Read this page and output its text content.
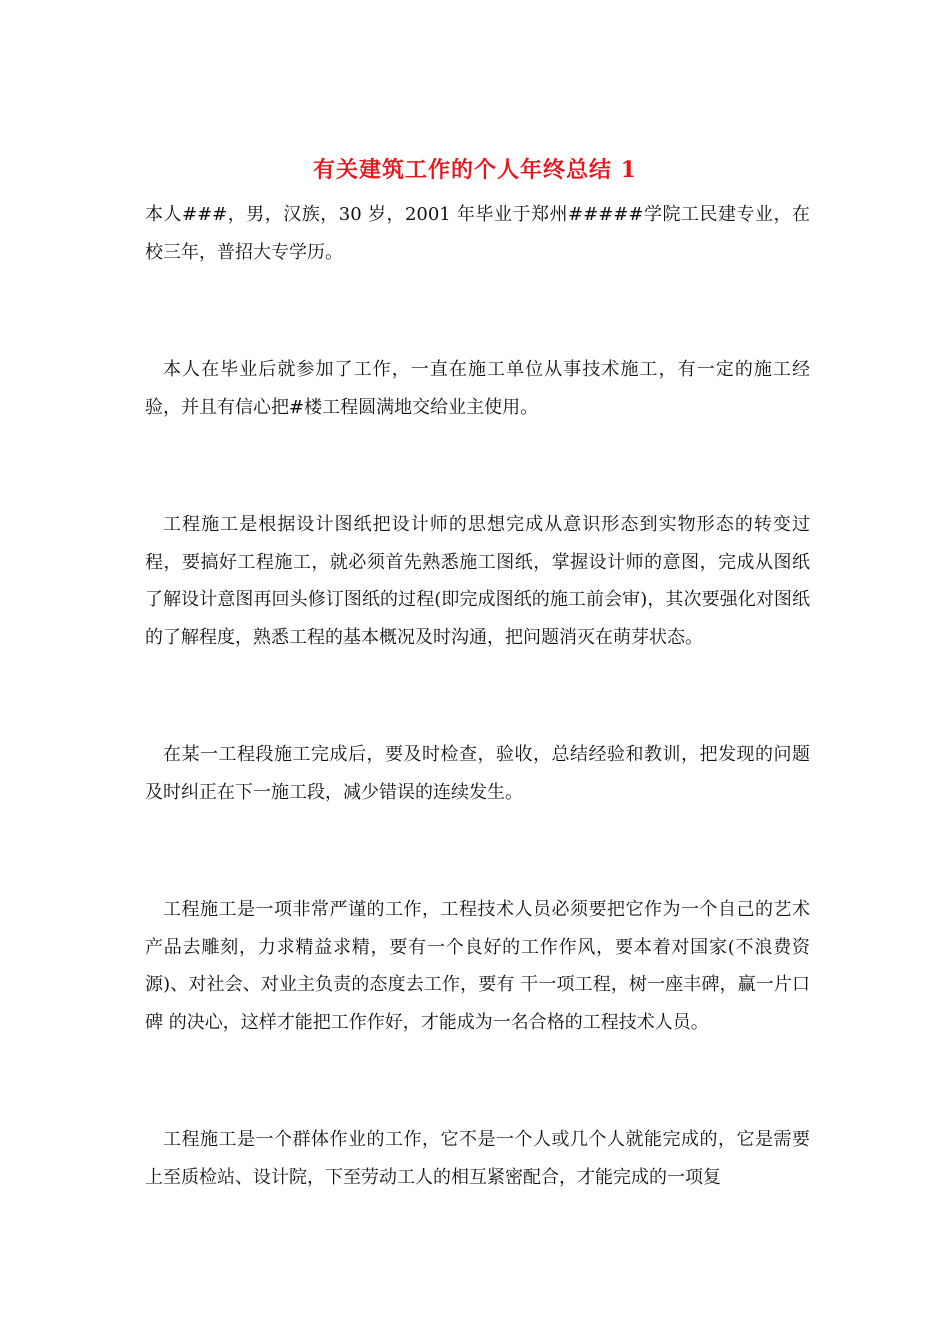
有关建筑工作的个人年终总结 1

本人###，男，汉族，30 岁，2001 年毕业于郑州#####学院工民建专业，在校三年，普招大专学历。

本人在毕业后就参加了工作，一直在施工单位从事技术施工，有一定的施工经验，并且有信心把#楼工程圆满地交给业主使用。

工程施工是根据设计图纸把设计师的思想完成从意识形态到实物形态的转变过程，要搞好工程施工，就必须首先熟悉施工图纸，掌握设计师的意图，完成从图纸了解设计意图再回头修订图纸的过程(即完成图纸的施工前会审)，其次要强化对图纸的了解程度，熟悉工程的基本概况及时沟通，把问题消灭在萌芽状态。

在某一工程段施工完成后，要及时检查，验收，总结经验和教训，把发现的问题及时纠正在下一施工段，减少错误的连续发生。

工程施工是一项非常严谨的工作，工程技术人员必须要把它作为一个自己的艺术产品去雕刻，力求精益求精，要有一个良好的工作作风，要本着对国家(不浪费资源)、对社会、对业主负责的态度去工作，要有 干一项工程，树一座丰碑，赢一片口碑 的决心，这样才能把工作作好，才能成为一名合格的工程技术人员。

工程施工是一个群体作业的工作，它不是一个人或几个人就能完成的，它是需要上至质检站、设计院，下至劳动工人的相互紧密配合，才能完成的一项复
